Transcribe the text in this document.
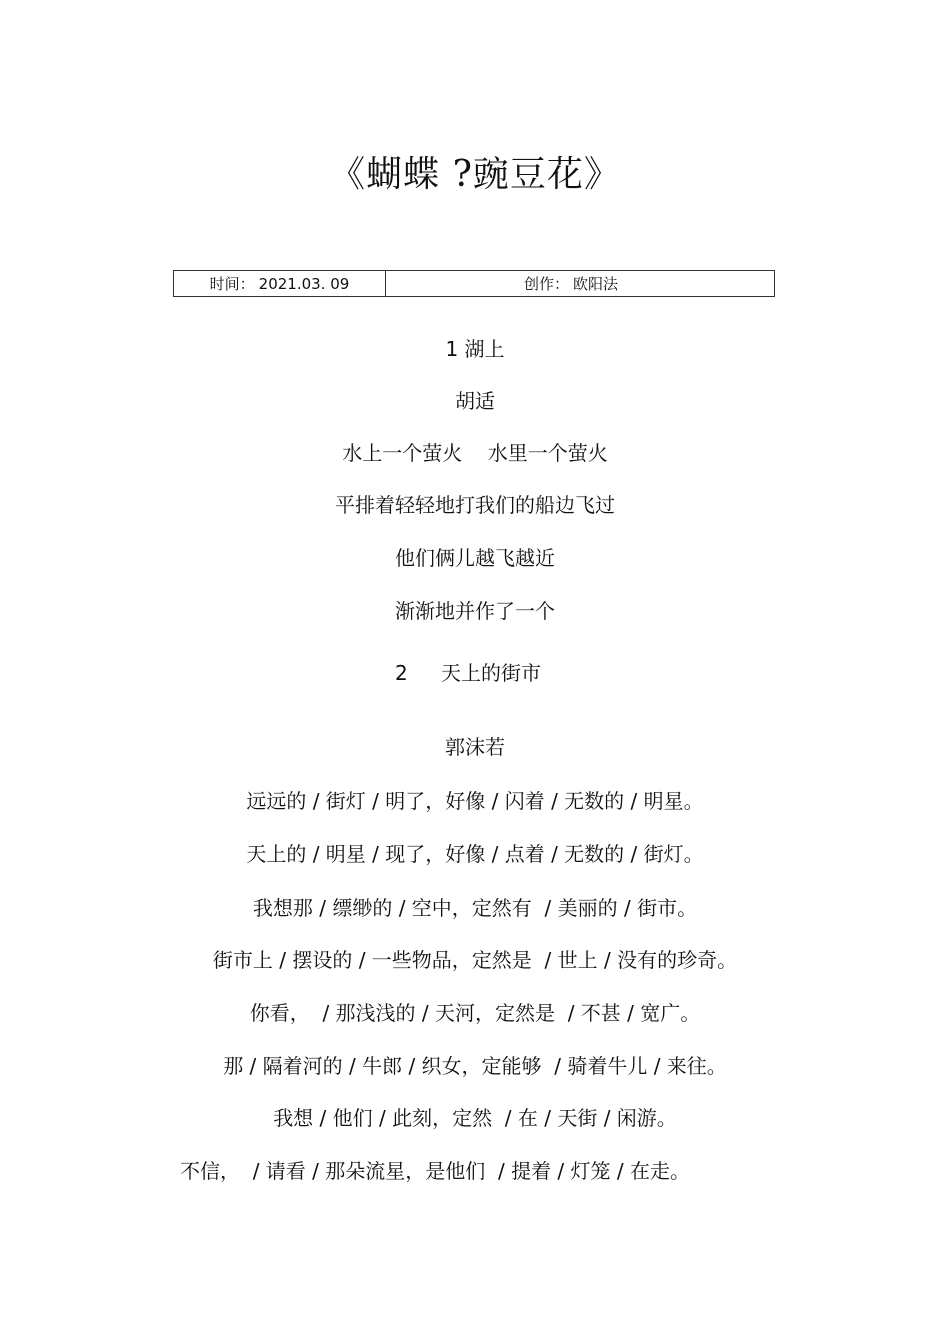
《蝴蝶 ?豌豆花》
时间： 2021.03. 09	创作： 欧阳法
1 湖上
胡适
水上一个萤火    水里一个萤火
平排着轻轻地打我们的船边飞过
他们俩儿越飞越近
渐渐地并作了一个
2 天上的街市
郭沫若
远远的 / 街灯 / 明了，好像 / 闪着 / 无数的 / 明星。
天上的 / 明星 / 现了，好像 / 点着 / 无数的 / 街灯。
我想那 / 缥缈的 / 空中，定然有  / 美丽的 / 街市。
街市上 / 摆设的 / 一些物品，定然是  / 世上 / 没有的珍奇。
你看，  / 那浅浅的 / 天河，定然是  / 不甚 / 宽广。
那 / 隔着河的 / 牛郎 / 织女，定能够  / 骑着牛儿 / 来往。
我想 / 他们 / 此刻，定然  / 在 / 天街 / 闲游。
不信，  / 请看 / 那朵流星，是他们  / 提着 / 灯笼 / 在走。
